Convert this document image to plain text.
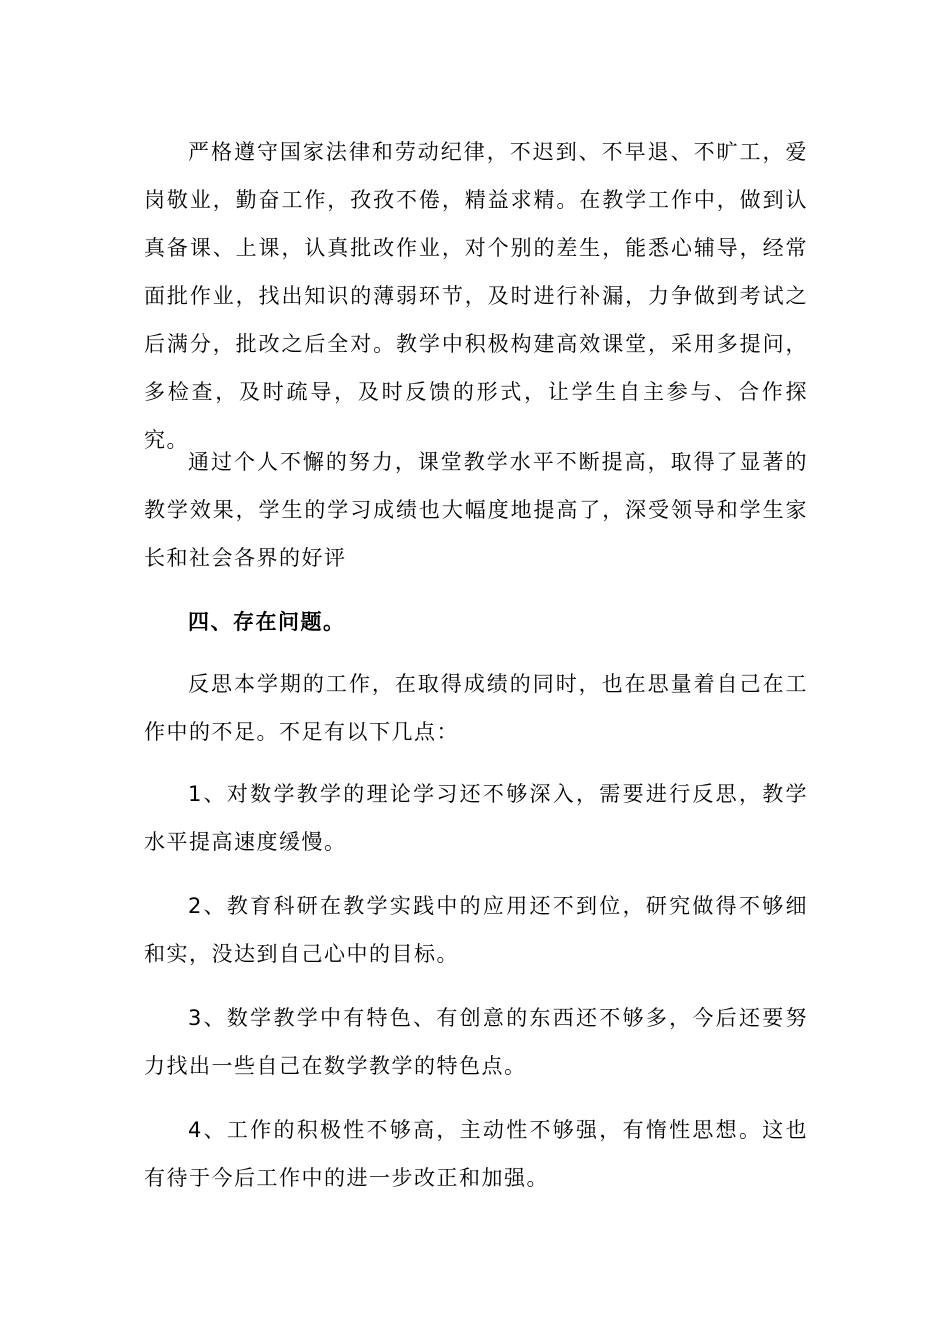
严格遵守国家法律和劳动纪律，不迟到、不早退、不旷工，爱岗敬业，勤奋工作，孜孜不倦，精益求精。在教学工作中，做到认真备课、上课，认真批改作业，对个别的差生，能悉心辅导，经常面批作业，找出知识的薄弱环节，及时进行补漏，力争做到考试之后满分，批改之后全对。教学中积极构建高效课堂，采用多提问，多检查，及时疏导，及时反馈的形式，让学生自主参与、合作探究。

通过个人不懈的努力，课堂教学水平不断提高，取得了显著的教学效果，学生的学习成绩也大幅度地提高了，深受领导和学生家长和社会各界的好评

四、存在问题。

反思本学期的工作，在取得成绩的同时，也在思量着自己在工作中的不足。不足有以下几点：

1、对数学教学的理论学习还不够深入，需要进行反思，教学水平提高速度缓慢。

2、教育科研在教学实践中的应用还不到位，研究做得不够细和实，没达到自己心中的目标。

3、数学教学中有特色、有创意的东西还不够多，今后还要努力找出一些自己在数学教学的特色点。

4、工作的积极性不够高，主动性不够强，有惰性思想。这也有待于今后工作中的进一步改正和加强。
